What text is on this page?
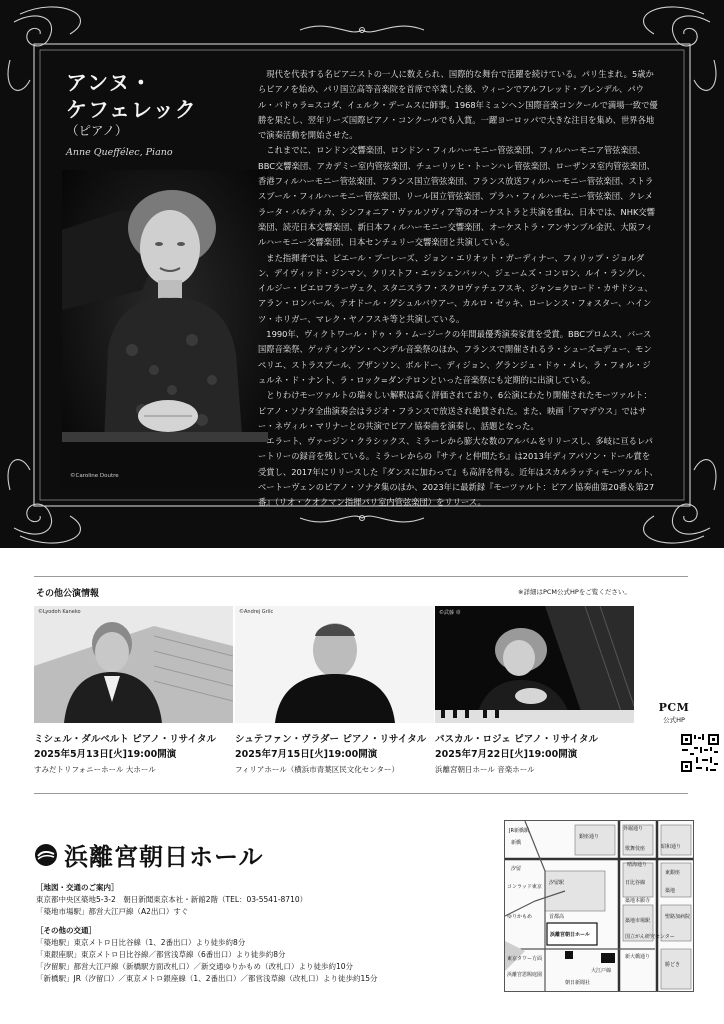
アンヌ・
ケフェレック
（ピアノ）
Anne Queffélec, Piano
©Caroline Doutre

現代を代表する名ピアニストの一人に数えられ、国際的な舞台で活躍を続けている。パリ生まれ。5歳からピアノを始め、パリ国立高等音楽院を首席で卒業した後、ウィーンでアルフレッド・ブレンデル、パウル・バドゥラ=スコダ、イェルク・デームスに師事。1968年ミュンヘン国際音楽コンクールで満場一致で優勝を果たし、翌年リーズ国際ピアノ・コンクールでも入賞。一躍ヨーロッパで大きな注目を集め、世界各地で演奏活動を開始させた。

これまでに、ロンドン交響楽団、ロンドン・フィルハーモニー管弦楽団、フィルハーモニア管弦楽団、BBC交響楽団、アカデミー室内管弦楽団、チューリッヒ・トーンハレ管弦楽団、ローザンヌ室内管弦楽団、香港フィルハーモニー管弦楽団、フランス国立管弦楽団、フランス放送フィルハーモニー管弦楽団、ストラスブール・フィルハーモニー管弦楽団、リール国立管弦楽団、プラハ・フィルハーモニー管弦楽団、クレメラータ・バルティカ、シンフォニア・ヴァルソヴィア等のオーケストラと共演を重ね、日本では、NHK交響楽団、読売日本交響楽団、新日本フィルハーモニー交響楽団、オーケストラ・アンサンブル金沢、大阪フィルハーモニー交響楽団、日本センチュリー交響楽団と共演している。

また指揮者では、ピエール・ブーレーズ、ジョン・エリオット・ガーディナー、フィリップ・ジョルダン、デイヴィッド・ジンマン、クリストフ・エッシェンバッハ、ジェームズ・コンロン、ルイ・ラングレ、イルジー・ビエロフラーヴェク、スタニスラフ・スクロヴァチェフスキ、ジャン=クロード・カサドシュ、アラン・ロンバール、テオドール・グシュルバウアー、カルロ・ゼッキ、ローレンス・フォスター、ハインツ・ホリガー、マレク・ヤノフスキ等と共演している。

1990年、ヴィクトワール・ドゥ・ラ・ムージークの年間最優秀演奏家賞を受賞。BBCプロムス、バース国際音楽祭、ゲッティンゲン・ヘンデル音楽祭のほか、フランスで開催されるラ・シューズ=デュー、モンペリエ、ストラスブール、ブザンソン、ボルドー、ディジョン、グランジュ・ドゥ・メレ、ラ・フォル・ジュルネ・ド・ナント、ラ・ロック=ダンテロンといった音楽祭にも定期的に出演している。

とりわけモーツァルトの瑞々しい解釈は高く評価されており、6公演にわたり開催されたモーツァルト：ピアノ・ソナタ全曲演奏会はラジオ・フランスで放送され絶賛された。また、映画「アマデウス」ではサー・ネヴィル・マリナーとの共演でピアノ協奏曲を演奏し、話題となった。

エラート、ヴァージン・クラシックス、ミラーレから膨大な数のアルバムをリリースし、多岐に亘るレパートリーの録音を残している。ミラーレからの『サティと仲間たち』は2013年ディアパソン・ドール賞を受賞し、2017年にリリースした『ダンスに加わって』も高評を得る。近年はスカルラッティモーツァルト、ベートーヴェンのピアノ・ソナタ集のほか、2023年に最新録『モーツァルト：ピアノ協奏曲第20番＆第27番』（リオ・クオクマン指揮パリ室内管弦楽団）をリリース。

その他公演情報	※詳細はPCM公式HPをご覧ください。
©Lyodoh Kaneko	©Andrej Grilc	©武藤 章
ミシェル・ダルベルト ピアノ・リサイタル
2025年5月13日[火]19:00開演
すみだトリフォニーホール 大ホール
シュテファン・ヴラダー ピアノ・リサイタル
2025年7月15日[火]19:00開演
フィリアホール（横浜市青葉区民文化センター）
パスカル・ロジェ ピアノ・リサイタル
2025年7月22日[火]19:00開演
浜離宮朝日ホール 音楽ホール
PCM
公式HP
浜離宮朝日ホール
［地図・交通のご案内］
東京都中央区築地5-3-2　朝日新聞東京本社・新館2階（TEL：03-5541-8710）
「築地市場駅」都営大江戸線（A2出口）すぐ
［その他の交通］
「築地駅」東京メトロ日比谷線（1、2番出口）より徒歩約8分
「東銀座駅」東京メトロ日比谷線／都営浅草線（6番出口）より徒歩約8分
「汐留駅」都営大江戸線（新橋駅方面改札口）／新交通ゆりかもめ（改札口）より徒歩約10分
「新橋駅」JR（汐留口）／東京メトロ銀座線（1、2番出口）／都営浅草線（改札口）より徒歩約15分
JR新橋駅	外堀通り
昭和通り
銀座通り
新橋
東銀座
汐留
築地市場駅
築地
浜離宮朝日ホール
朝日新聞社
国立がん研究センター
浜離宮恩賜庭園
新大橋通り
晴海通り
聖路加病院
勝どき
日比谷線
大江戸線
首都高
歌舞伎座
コンラッド東京
ゆりかもめ
汐留駅
築地本願寺
東京タワー方面
